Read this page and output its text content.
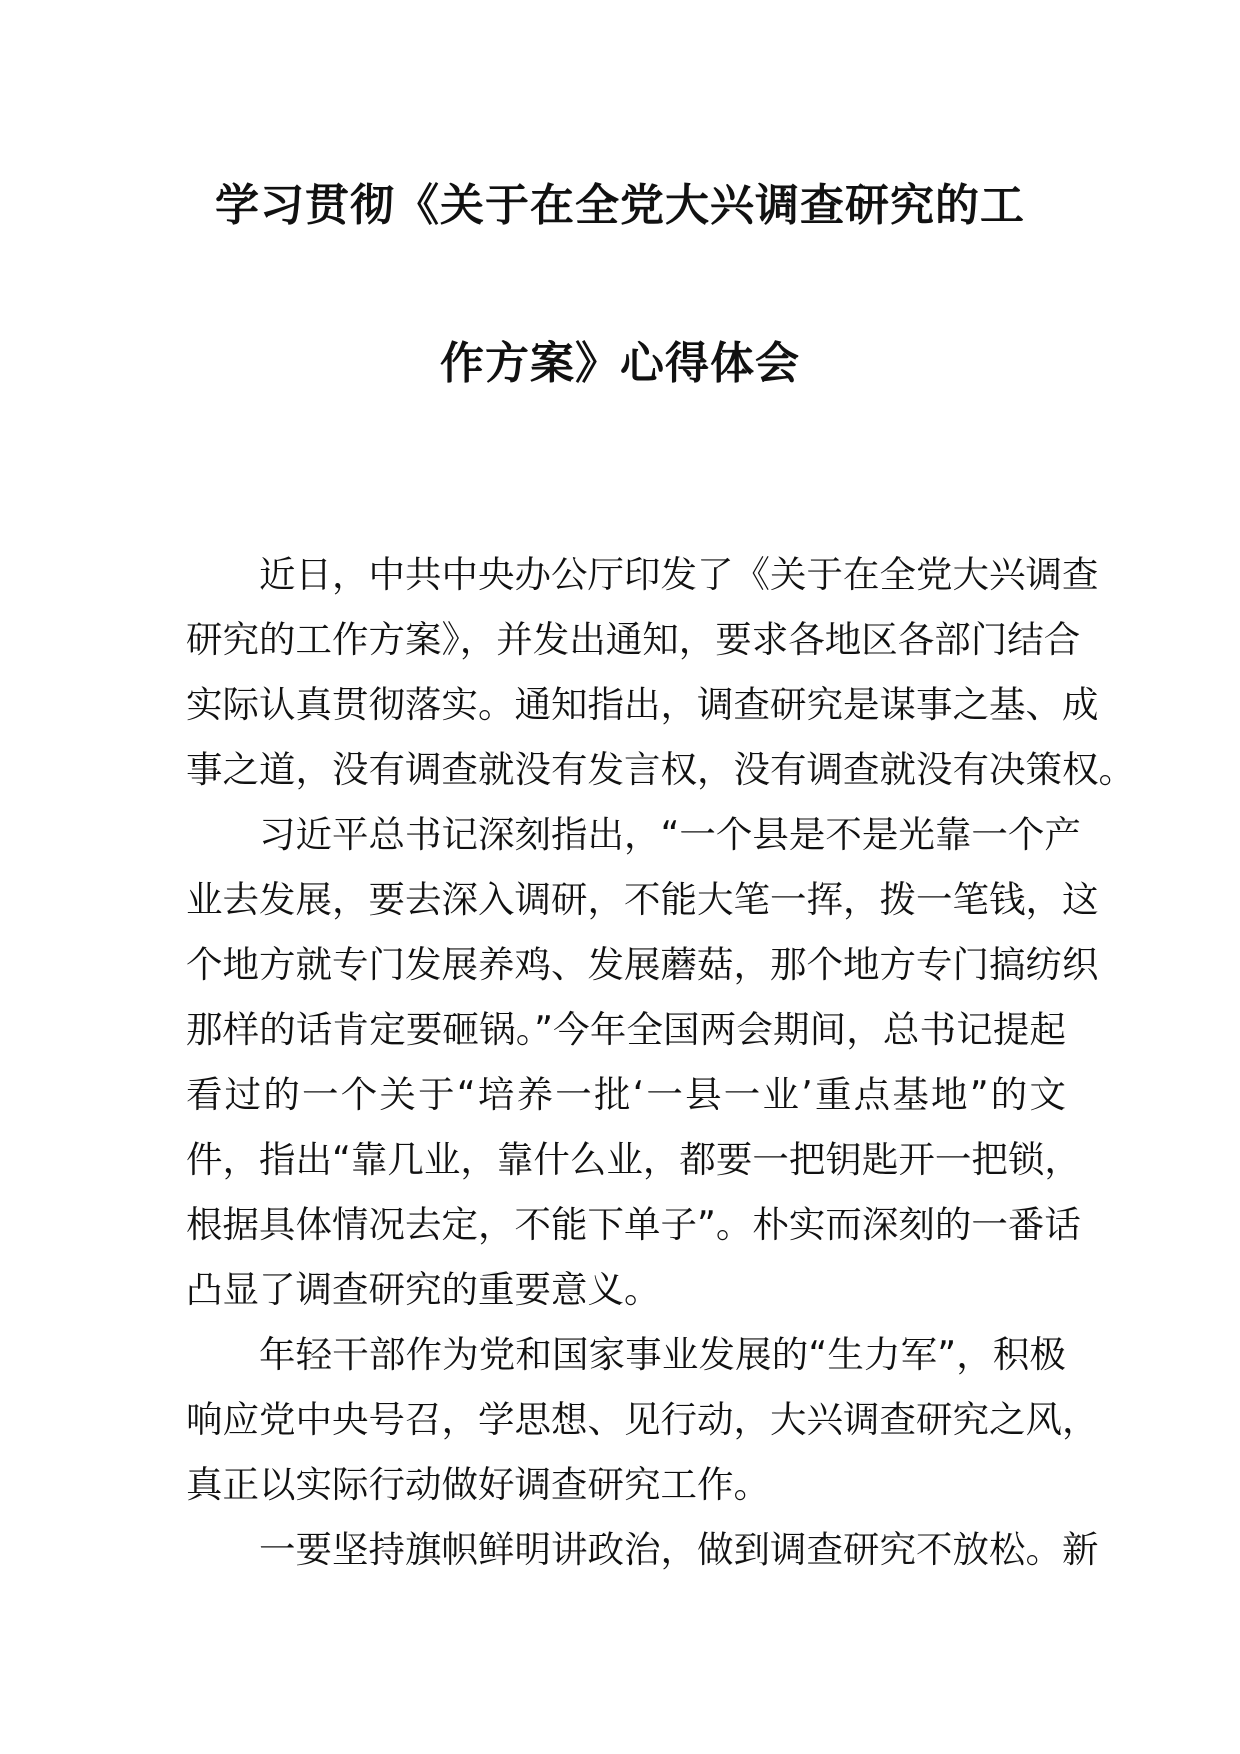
学习贯彻《关于在全党大兴调查研究的工
作方案》心得体会

近日，中共中央办公厅印发了《关于在全党大兴调查
研究的工作方案》，并发出通知，要求各地区各部门结合
实际认真贯彻落实。通知指出，调查研究是谋事之基、成
事之道，没有调查就没有发言权，没有调查就没有决策权。

习近平总书记深刻指出，“一个县是不是光靠一个产
业去发展，要去深入调研，不能大笔一挥，拨一笔钱，这
个地方就专门发展养鸡、发展蘑菇，那个地方专门搞纺织
那样的话肯定要砸锅。”今年全国两会期间，总书记提起
看过的一个关于“培养一批‘一县一业’重点基地”的文
件，指出“靠几业，靠什么业，都要一把钥匙开一把锁，
根据具体情况去定，不能下单子”。朴实而深刻的一番话
凸显了调查研究的重要意义。

年轻干部作为党和国家事业发展的“生力军”，积极
响应党中央号召，学思想、见行动，大兴调查研究之风，
真正以实际行动做好调查研究工作。

一要坚持旗帜鲜明讲政治，做到调查研究不放松。新
